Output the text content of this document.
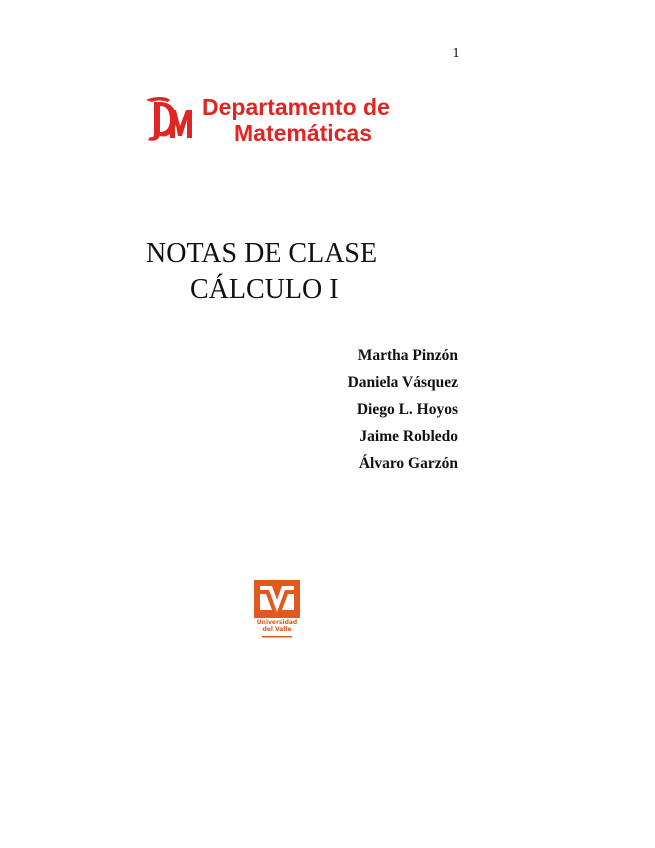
1
Departamento de
Matemáticas
NOTAS DE CLASE
CÁLCULO I
Martha Pinzón
Daniela Vásquez
Diego L. Hoyos
Jaime Robledo
Álvaro Garzón
Universidad
del Valle
